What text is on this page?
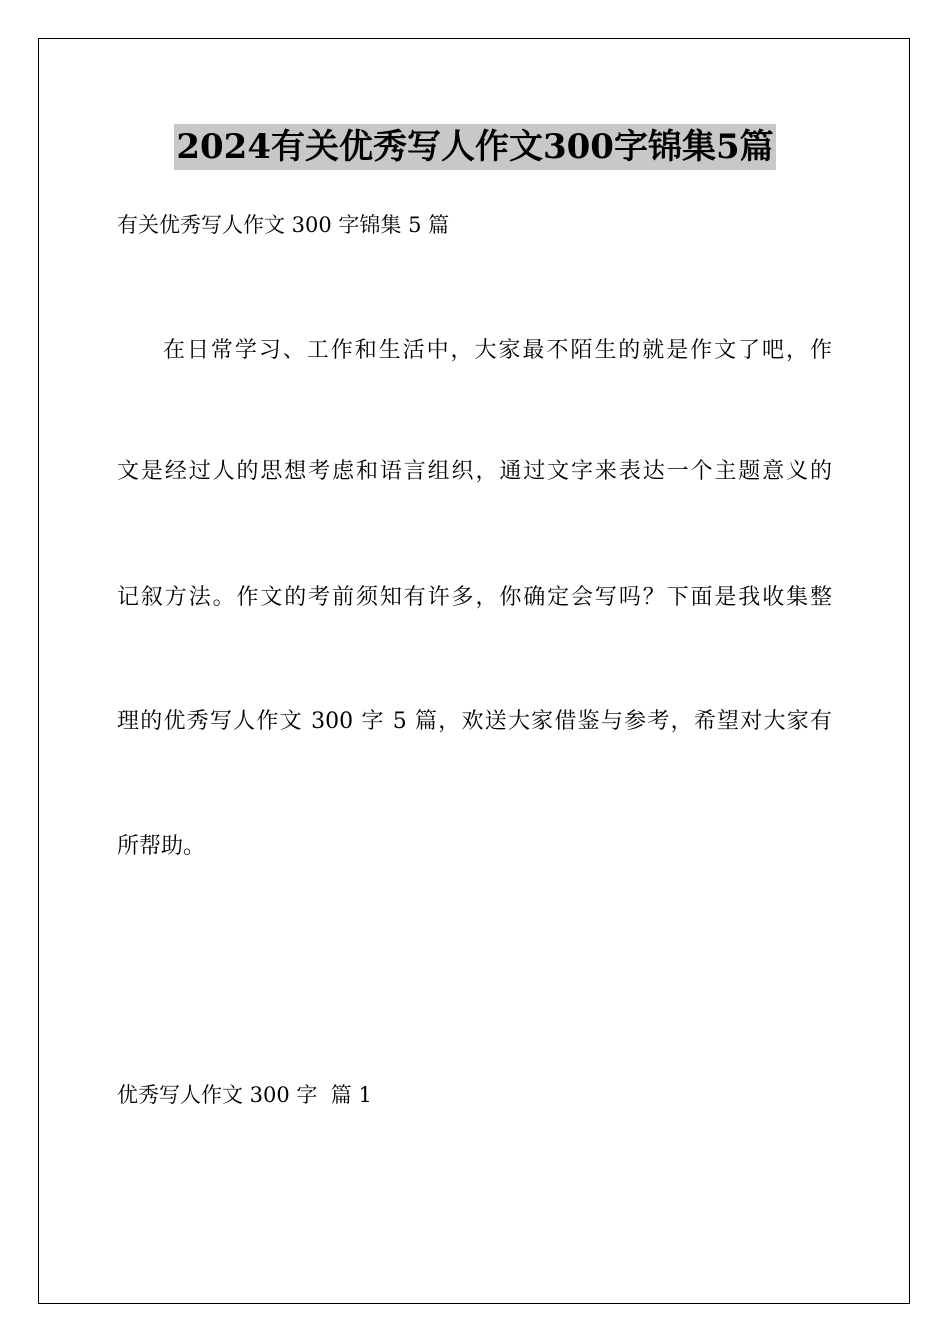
2024有关优秀写人作文300字锦集5篇
有关优秀写人作文 300 字锦集 5 篇
在日常学习、工作和生活中，大家最不陌生的就是作文了吧，作
文是经过人的思想考虑和语言组织，通过文字来表达一个主题意义的
记叙方法。作文的考前须知有许多，你确定会写吗？下面是我收集整
理的优秀写人作文 300 字 5 篇，欢送大家借鉴与参考，希望对大家有
所帮助。
优秀写人作文 300 字  篇 1
